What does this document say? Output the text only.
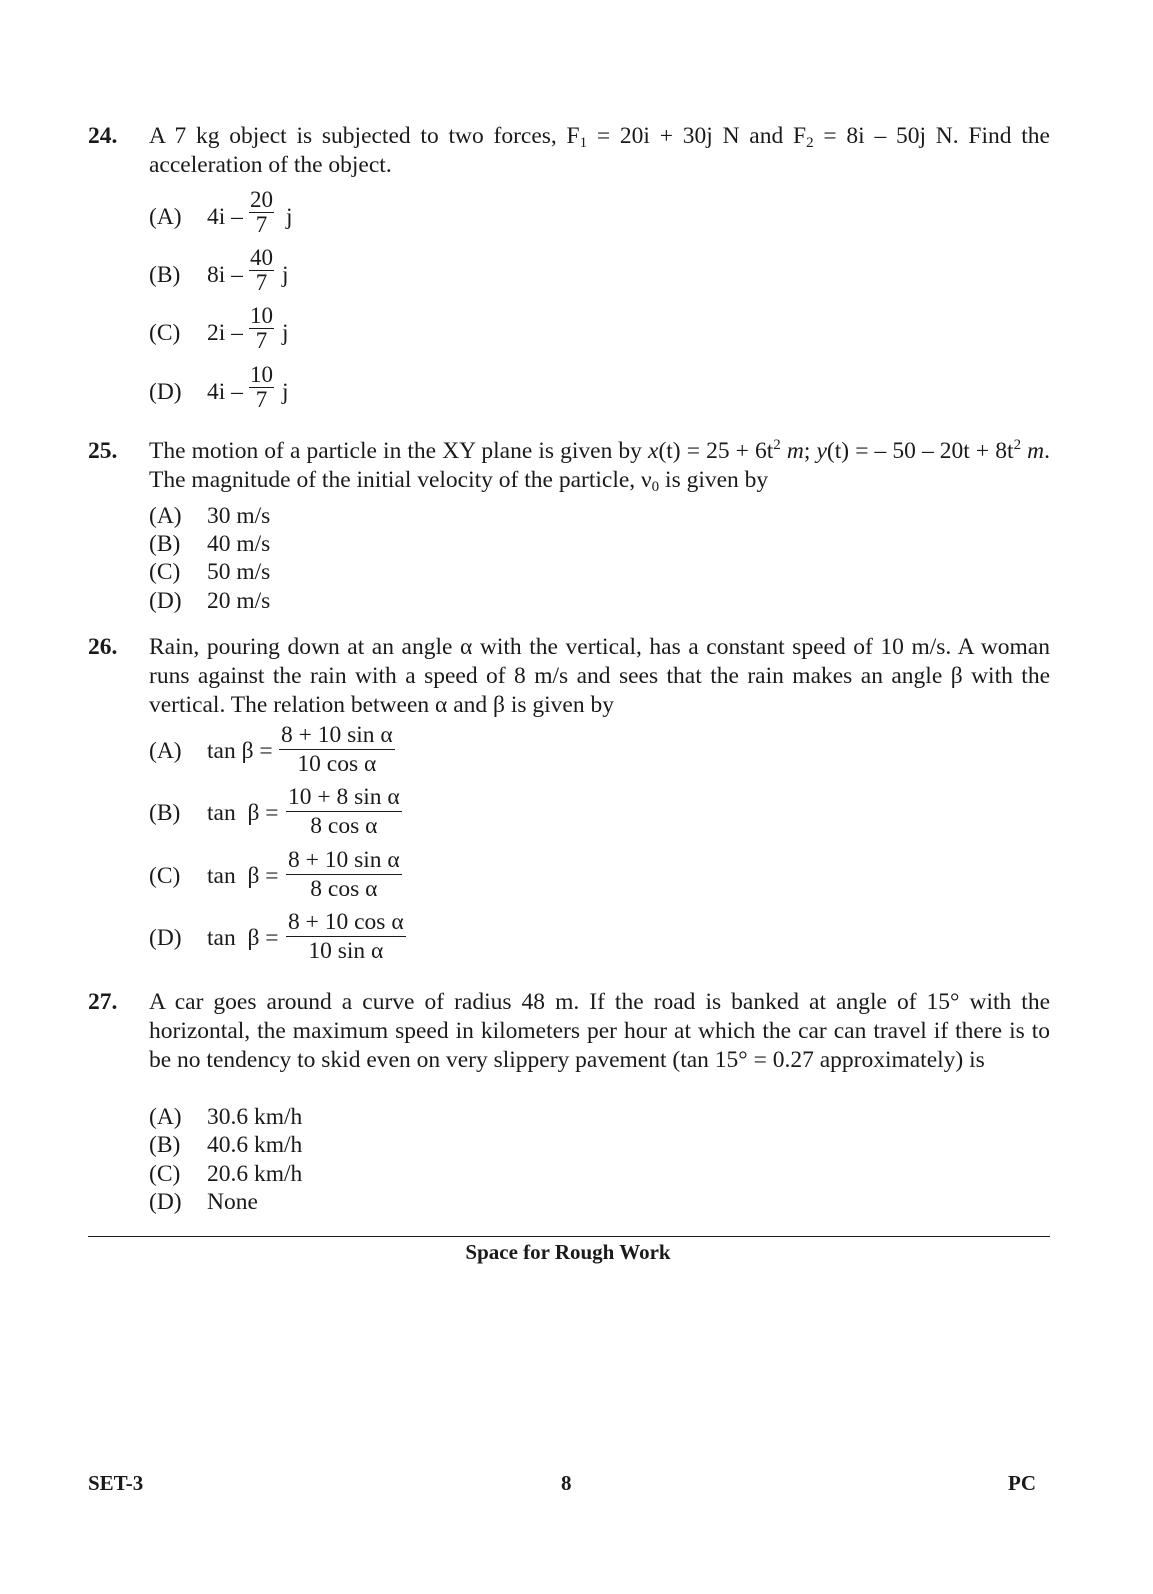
24. A 7 kg object is subjected to two forces, $F_1 = 20i + 30j$ N and $F_2 = 8i - 50j$ N. Find the acceleration of the object.
(A) $4i - \frac{20}{7}$ j
(B) $8i - \frac{40}{7}$ j
(C) $2i - \frac{10}{7}$ j
(D) $4i - \frac{10}{7}$ j
25. The motion of a particle in the XY plane is given by $x(t) = 25 + 6t^2$ m; y(t) = – $50 - 20t + 8t^2$ m. The magnitude of the initial velocity of the particle, $\nu_0$ is given by
(A) 30 m/s
(B) 40 m/s
(C) 50 m/s
(D) 20 m/s
26. Rain, pouring down at an angle α with the vertical, has a constant speed of 10 m/s. A woman runs against the rain with a speed of 8 m/s and sees that the rain makes an angle β with the vertical. The relation between α and β is given by
(A) $\tan \beta = \frac{\text{8 + 10 sin α}}{\text{10 cos α}}$
(B) $\tan \beta = \frac{\text{10 + 8 sin α}}{\text{8 cos α}}$
(C) $\tan \beta = \frac{\text{8 + 10 sin α}}{\text{8 cos α}}$
(D) $\tan \beta = \frac{\text{8 + 10 cos α}}{\text{10 sin α}}$
27. A car goes around a curve of radius 48 m. If the road is banked at angle of 15° with the horizontal, the maximum speed in kilometers per hour at which the car can travel if there is to be no tendency to skid even on very slippery pavement (tan 15° = 0.27 approximately) is
(A) 30.6 km/h
(B) 40.6 km/h
(C) 20.6 km/h
(D) None
Space for Rough Work
SET-3	8	PC
